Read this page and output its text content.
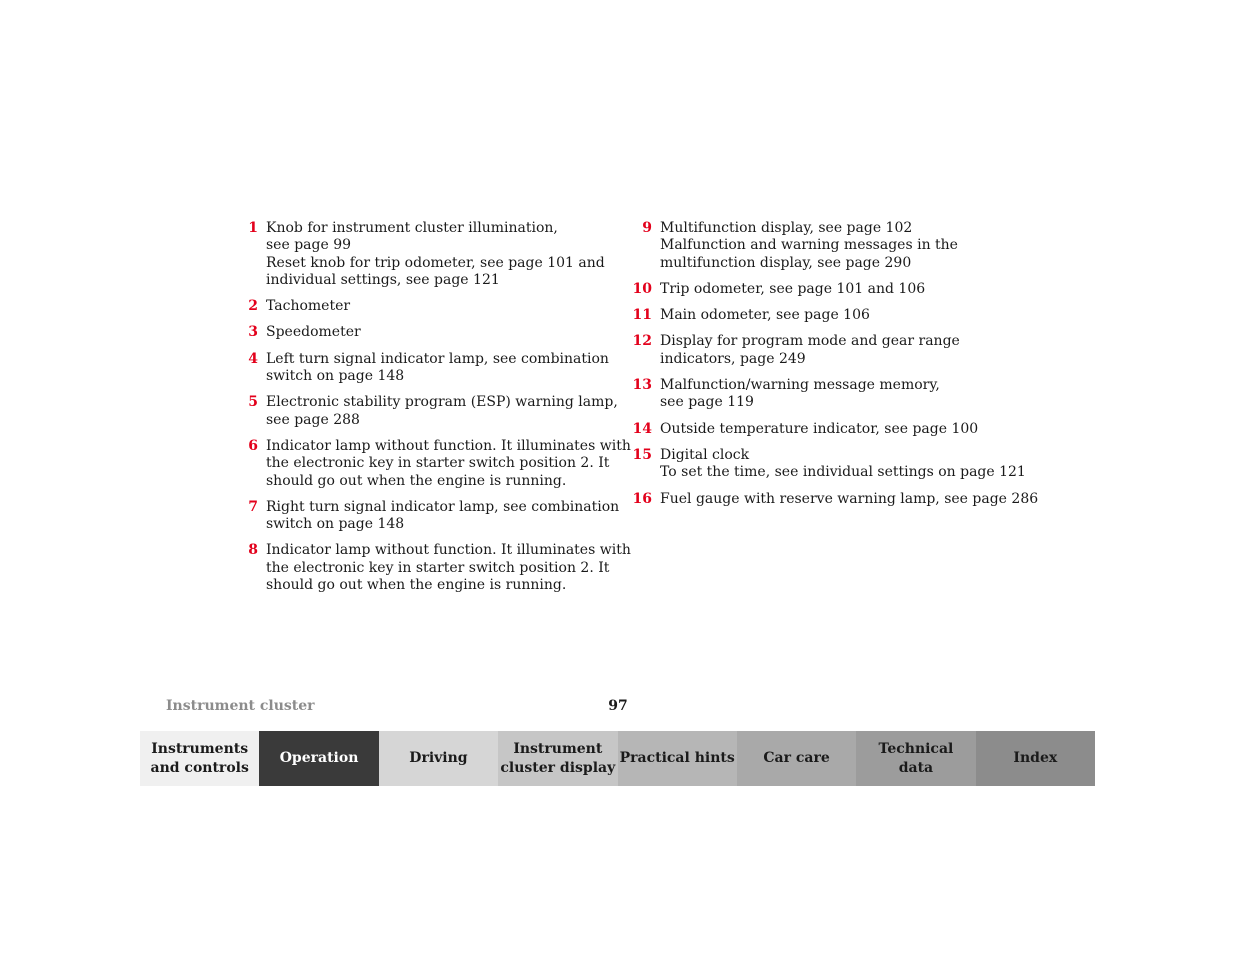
1 Knob for instrument cluster illumination,
see page 99
Reset knob for trip odometer, see page 101 and
individual settings, see page 121
2 Tachometer
3 Speedometer
4 Left turn signal indicator lamp, see combination
switch on page 148
5 Electronic stability program (ESP) warning lamp,
see page 288
6 Indicator lamp without function. It illuminates with
the electronic key in starter switch position 2. It
should go out when the engine is running.
7 Right turn signal indicator lamp, see combination
switch on page 148
8 Indicator lamp without function. It illuminates with
the electronic key in starter switch position 2. It
should go out when the engine is running.
9 Multifunction display, see page 102
Malfunction and warning messages in the
multifunction display, see page 290
10 Trip odometer, see page 101 and 106
11 Main odometer, see page 106
12 Display for program mode and gear range
indicators, page 249
13 Malfunction/warning message memory,
see page 119
14 Outside temperature indicator, see page 100
15 Digital clock
To set the time, see individual settings on page 121
16 Fuel gauge with reserve warning lamp, see page 286
Instrument cluster	97
Instruments
and controls
Operation	Driving
Instrument
cluster display
Practical hints	Car care
Technical
data
Index
